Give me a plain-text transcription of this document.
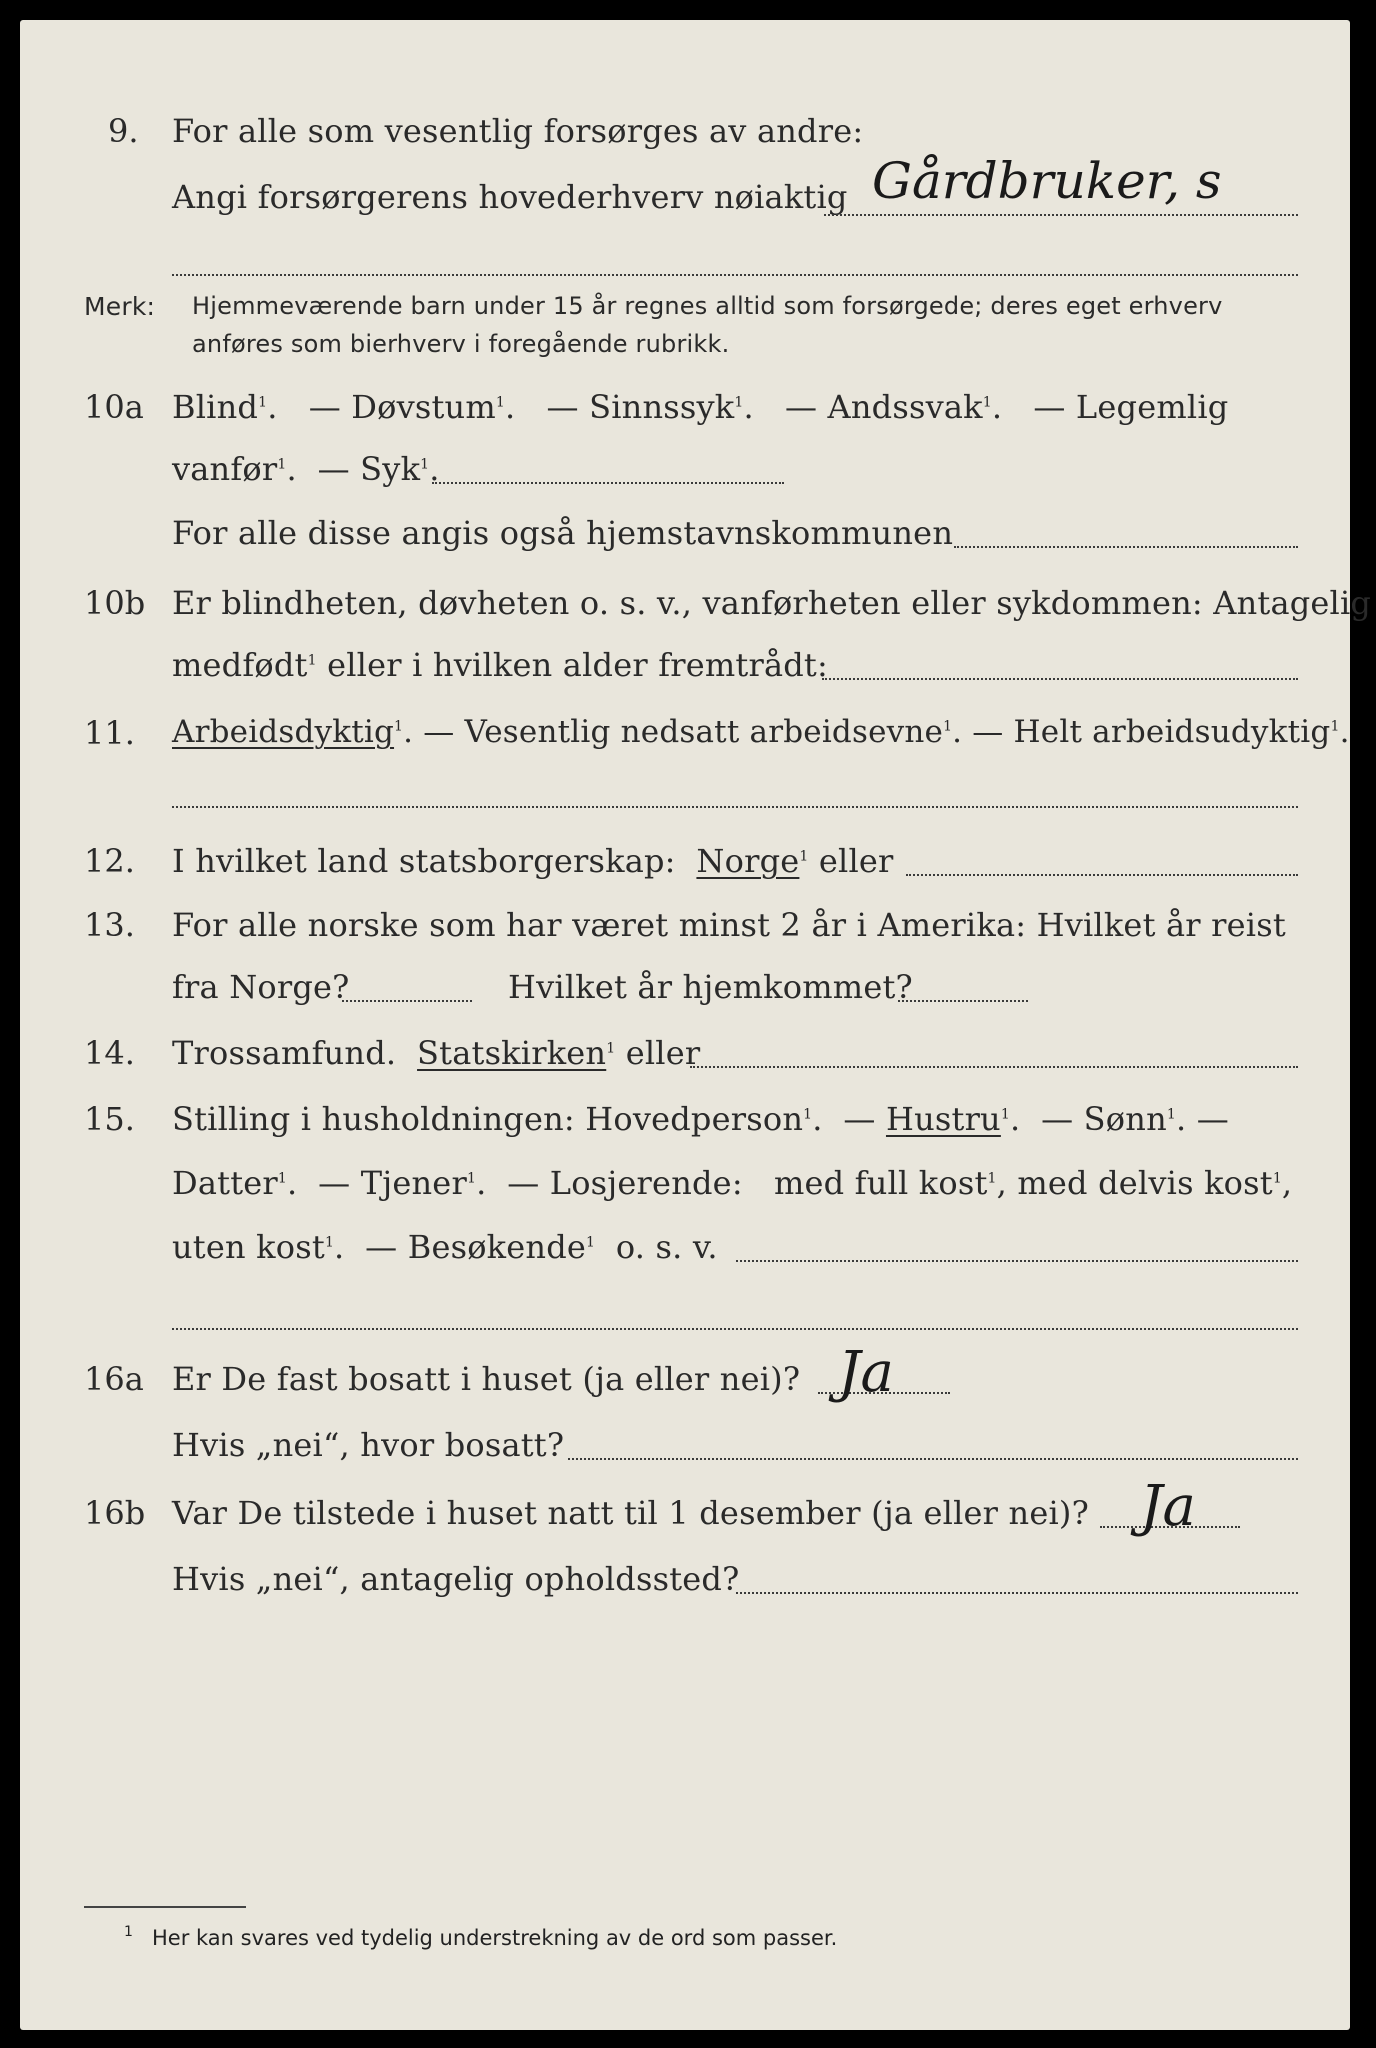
9. For alle som vesentlig forsørges av andre:
Angi forsørgerens hovederhverv nøiaktig Gårdbruker, s
Merk: Hjemmeværende barn under 15 år regnes alltid som forsørgede; deres eget erhverv
anføres som bierhverv i foregående rubrikk.
10a Blind$^1$. — Døvstum$^1$. — Sinnssyk$^1$. — Andssvak$^1$. — Legemlig
vanfør$^1$. — Syk$^1$.
For alle disse angis også hjemstavnskommunen
10b Er blindheten, døvheten o. s. v., vanførheten eller sykdommen: Antagelig
medfødt$^1$ eller i hvilken alder fremtrådt:
11. Arbeidsdyktig$^1$. — Vesentlig nedsatt arbeidsevne$^1$. — Helt arbeidsudyktig$^1$.
12. I hvilket land statsborgerskap: Norge$^1$ eller
13. For alle norske som har været minst 2 år i Amerika: Hvilket år reist
fra Norge?	Hvilket år hjemkommet?
14. Trossamfund. Statskirken$^1$ eller
15. Stilling i husholdningen: Hovedperson$^1$.  — Hustru$^1$. — Sønn$^1$. —
Datter$^1$. — Tjener$^1$. — Losjerende: med full kost$^1$, med delvis kost$^1$,
uten kost$^1$. — Besøkende$^1$ o. s. v.
16a Er De fast bosatt i huset (ja eller nei)? Ja
Hvis „nei“, hvor bosatt?
16b Var De tilstede i huset natt til 1 desember (ja eller nei)? Ja
Hvis „nei“, antagelig opholdssted?
1 Her kan svares ved tydelig understrekning av de ord som passer.
